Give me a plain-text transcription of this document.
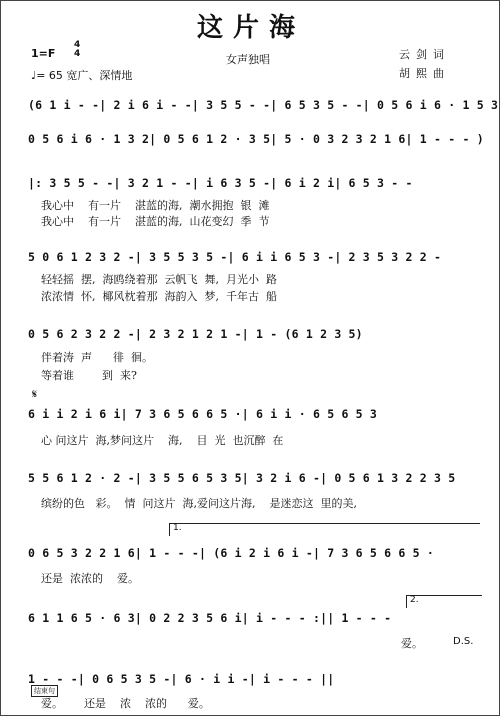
这片海
1=F
4
4
♩= 65 宽广、深情地
女声独唱	云剑词
胡熙曲
(6 1 i - -| 2 i 6 i - -| 3 5 5 - -| 6 5 3 5 - -| 0 5 6 i 6 · 1 5 3
0 5 6 i 6 · 1 3 2| 0 5 6 1 2 · 3 5| 5 · 0 3 2 3 2 1 6| 1 - - - )
|: 3 5 5 - -| 3 2 1 - -| i 6 3 5 -| 6 i 2 i| 6 5 3 - -
我心中    有一片    湛蓝的海,  潮水拥抱  银  滩
我心中    有一片    湛蓝的海,  山花变幻  季  节
5 0 6 1 2 3 2 -| 3 5 5 3 5 -| 6 i i 6 5 3 -| 2 3 5 3 2 2 -
轻轻摇  摆,  海鸥绕着那  云帆飞  舞,  月光小  路
浓浓情  怀,  椰风枕着那  海韵入  梦,  千年古  船
0 5 6 2 3 2 2 -| 2 3 2 1 2 1 -| 1 - (6 1 2 3 5)
伴着涛  声      徘  徊。
等着谁        到  来?
𝄋
6 i i 2 i 6 i| 7 3 6 5 6 6 5 ·| 6 i i · 6 5 6 5 3
心 问这片  海,梦问这片    海,    目  光  也沉醉  在
5 5 6 1 2 · 2 -| 3 5 5 6 5 3 5| 3 2 i 6 -| 0 5 6 1 3 2 2 3 5
缤纷的色   彩。  情  问这片  海,爱问这片海,    是迷恋这  里的美,
1.
0 6 5 3 2 2 1 6| 1 - - -| (6 i 2 i 6 i -| 7 3 6 5 6 6 5 ·
还是  浓浓的    爱。
2.
6 1 1 6 5 · 6 3| 0 2 2 3 5 6 i| i - - - :|| 1 - - -
爱。	D.S.
结束句
1 - - -| 0 6 5 3 5 -| 6 · i i -| i - - - ||
爱。      还是    浓    浓的      爱。
